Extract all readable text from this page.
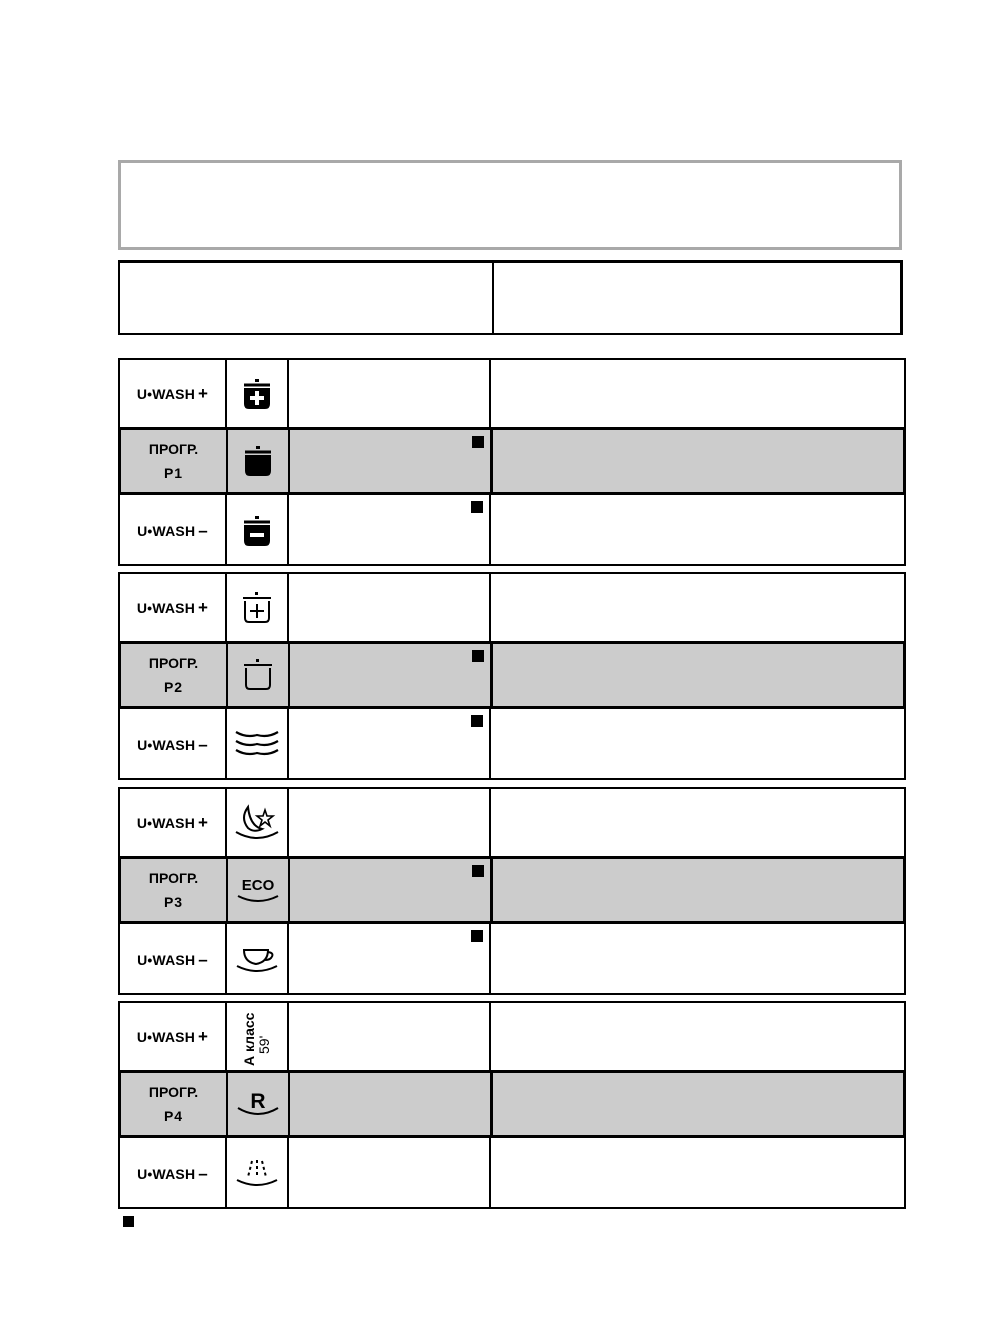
U•WASH +
ПРОГР.
P1
U•WASH –
U•WASH +
ПРОГР.
P2
U•WASH –
U•WASH +
ПРОГР.
P3
ECO
U•WASH –
U•WASH + А класс 59'
ПРОГР.
P4
R
U•WASH –
